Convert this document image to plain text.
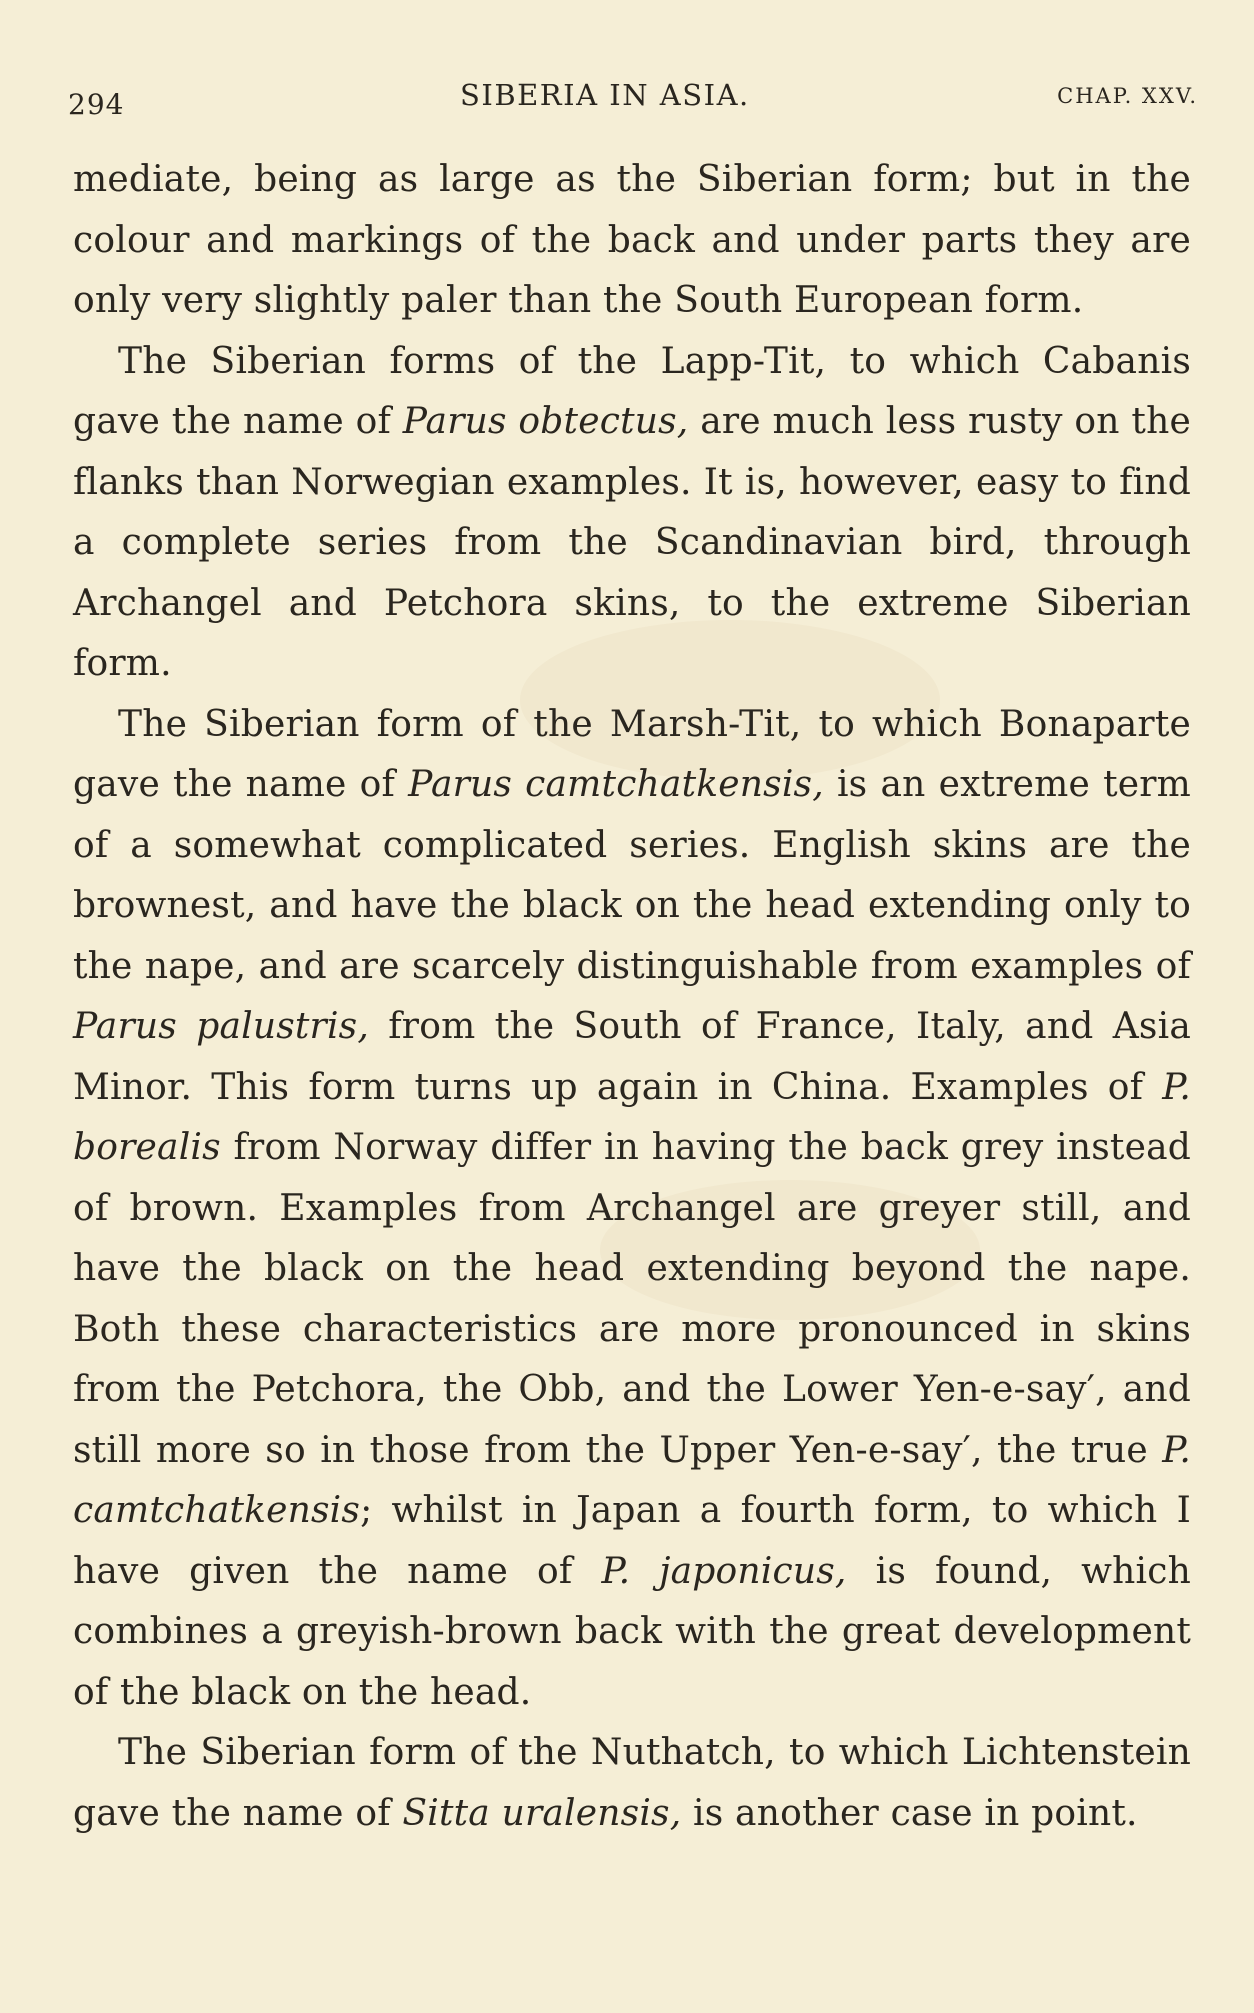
294	SIBERIA IN ASIA.	CHAP. XXV.

mediate, being as large as the Siberian form; but in the colour and markings of the back and under parts they are only very slightly paler than the South European form.

The Siberian forms of the Lapp-Tit, to which Cabanis gave the name of Parus obtectus, are much less rusty on the flanks than Norwegian examples. It is, however, easy to find a complete series from the Scandinavian bird, through Archangel and Petchora skins, to the extreme Siberian form.

The Siberian form of the Marsh-Tit, to which Bonaparte gave the name of Parus camtchatkensis, is an extreme term of a somewhat complicated series. English skins are the brownest, and have the black on the head extending only to the nape, and are scarcely distinguishable from examples of Parus palustris, from the South of France, Italy, and Asia Minor. This form turns up again in China. Examples of P. borealis from Norway differ in having the back grey instead of brown. Examples from Archangel are greyer still, and have the black on the head extending beyond the nape. Both these characteristics are more pronounced in skins from the Petchora, the Obb, and the Lower Yen-e-say′, and still more so in those from the Upper Yen-e-say′, the true P. camtchatkensis; whilst in Japan a fourth form, to which I have given the name of P. japonicus, is found, which combines a greyish-brown back with the great development of the black on the head.

The Siberian form of the Nuthatch, to which Lichtenstein gave the name of Sitta uralensis, is another case in point.
